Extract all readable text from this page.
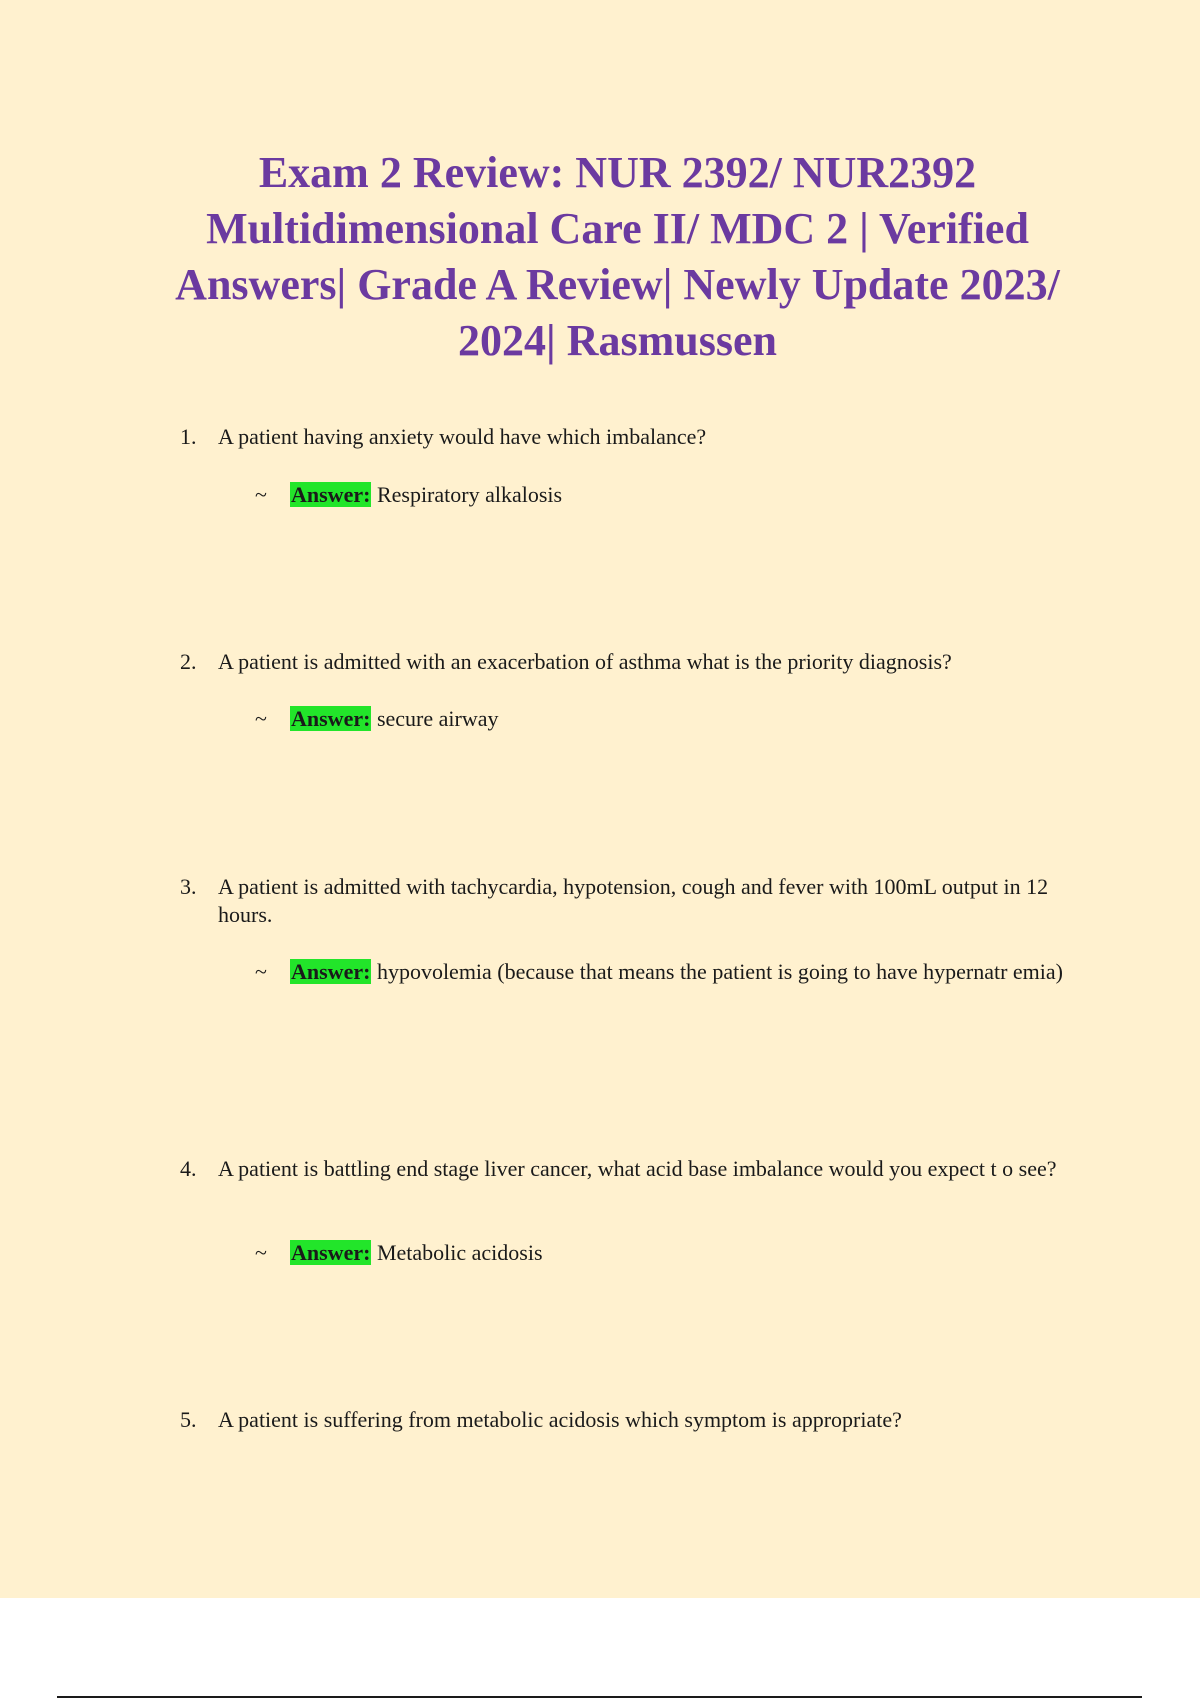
Exam 2 Review: NUR 2392/ NUR2392 Multidimensional Care II/ MDC 2 | Verified Answers| Grade A Review| Newly Update 2023/ 2024| Rasmussen
1. A patient having anxiety would have which imbalance?
~ Answer: Respiratory alkalosis
2. A patient is admitted with an exacerbation of asthma what is the priority diagnosis?
~ Answer: secure airway
3. A patient is admitted with tachycardia, hypotension, cough and fever with 100mL output in 12 hours.
~ Answer: hypovolemia (because that means the patient is going to have hypernatr emia)
4. A patient is battling end stage liver cancer, what acid base imbalance would you expect t o see?
~ Answer: Metabolic acidosis
5. A patient is suffering from metabolic acidosis which symptom is appropriate?
